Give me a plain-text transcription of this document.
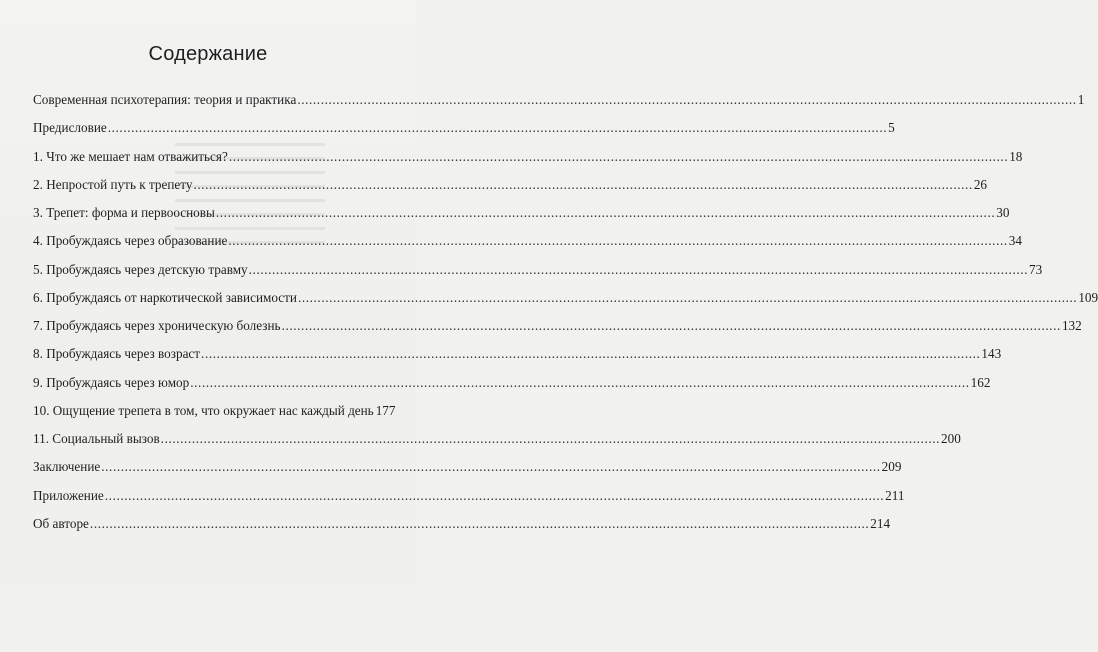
Содержание
Современная психотерапия: теория и практика ........................................................................................................................................................................................................ 1
Предисловие ........................................................................................................................................................................................................ 5
1. Что же мешает нам отважиться? ........................................................................................................................................................................................................ 18
2. Непростой путь к трепету ........................................................................................................................................................................................................ 26
3. Трепет: форма и первоосновы ........................................................................................................................................................................................................ 30
4. Пробуждаясь через образование ........................................................................................................................................................................................................ 34
5. Пробуждаясь через детскую травму ........................................................................................................................................................................................................ 73
6. Пробуждаясь от наркотической зависимости ........................................................................................................................................................................................................ 109
7. Пробуждаясь через хроническую болезнь ........................................................................................................................................................................................................ 132
8. Пробуждаясь через возраст ........................................................................................................................................................................................................ 143
9. Пробуждаясь через юмор ........................................................................................................................................................................................................ 162
10. Ощущение трепета в том, что окружает нас каждый день 177
11. Социальный вызов ........................................................................................................................................................................................................ 200
Заключение ........................................................................................................................................................................................................ 209
Приложение ........................................................................................................................................................................................................ 211
Об авторе ........................................................................................................................................................................................................ 214
